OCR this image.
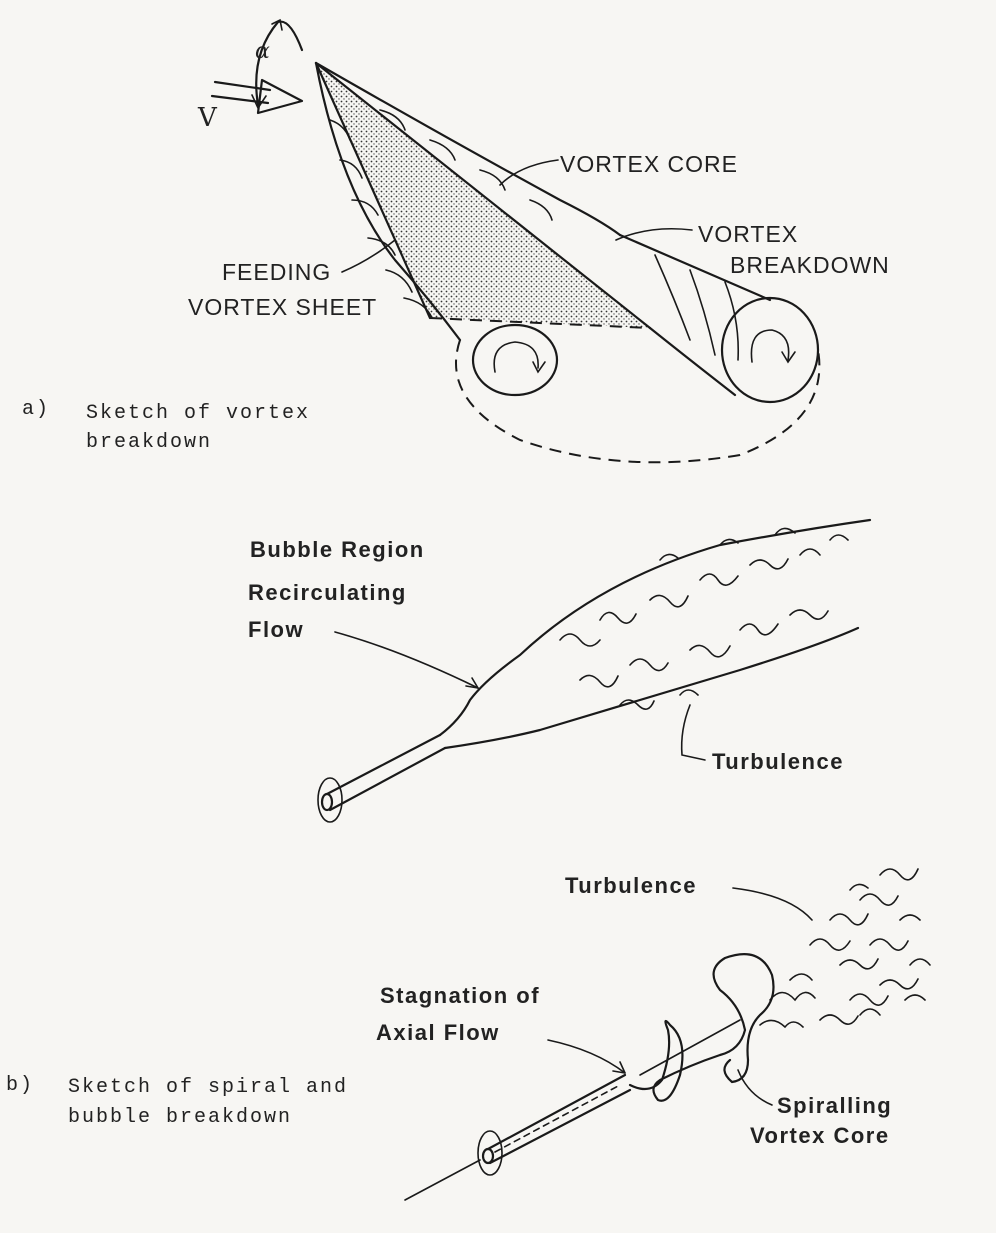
α
V
VORTEX CORE
VORTEX
BREAKDOWN
FEEDING
VORTEX SHEET
a) Sketch of vortex
breakdown
Bubble Region
Recirculating
Flow
Turbulence
Turbulence
Stagnation of
Axial Flow
Spiralling
Vortex Core
b) Sketch of spiral and
bubble breakdown
